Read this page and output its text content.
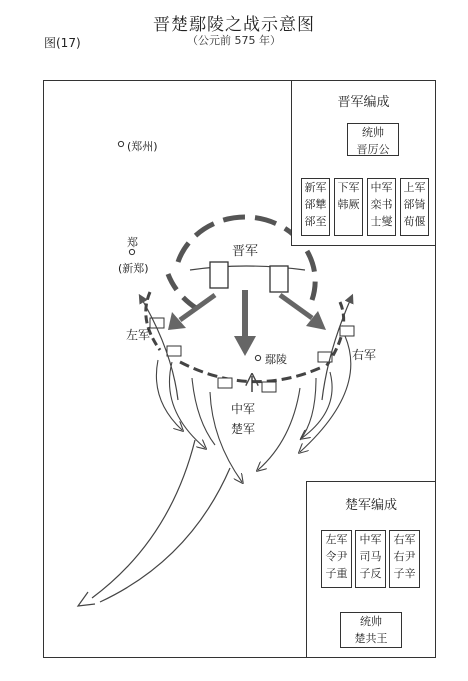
晋楚鄢陵之战示意图
（公元前 575 年）
图(17)
(郑州)
郑
(新郑)
鄢陵
晋军
左军
右军
中军
楚军
晋军编成
统帅
晋厉公
新军
郤犨
郤至
下军
韩厥
中军
栾书
士燮
上军
郤锜
荀偃
楚军编成
左军
令尹
子重
中军
司马
子反
右军
右尹
子辛
统帅
楚共王
